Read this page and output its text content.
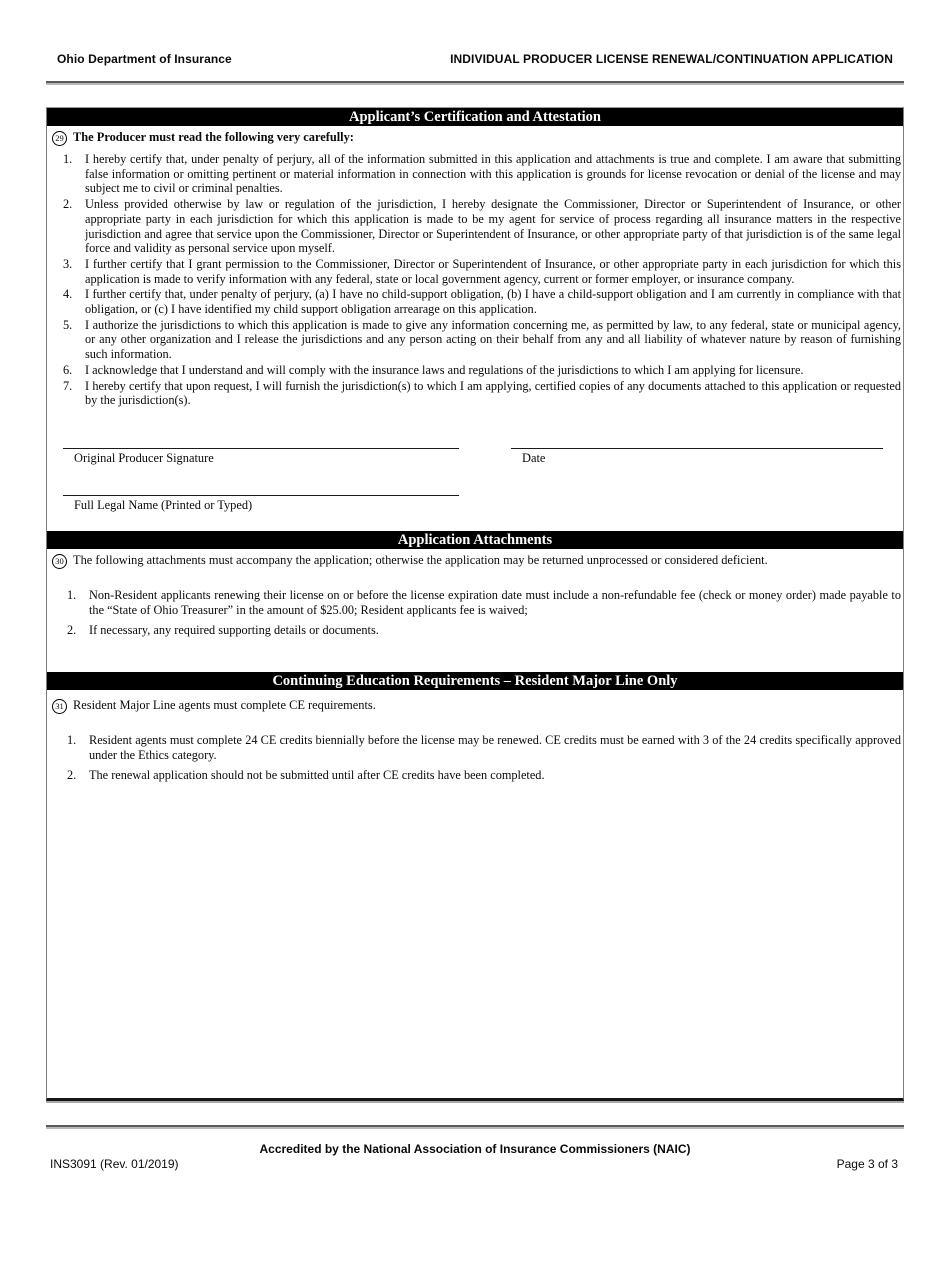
Ohio Department of Insurance	INDIVIDUAL PRODUCER LICENSE RENEWAL/CONTINUATION APPLICATION
Applicant’s Certification and Attestation
29 The Producer must read the following very carefully:
1. I hereby certify that, under penalty of perjury, all of the information submitted in this application and attachments is true and complete. I am aware that submitting false information or omitting pertinent or material information in connection with this application is grounds for license revocation or denial of the license and may subject me to civil or criminal penalties.
2. Unless provided otherwise by law or regulation of the jurisdiction, I hereby designate the Commissioner, Director or Superintendent of Insurance, or other appropriate party in each jurisdiction for which this application is made to be my agent for service of process regarding all insurance matters in the respective jurisdiction and agree that service upon the Commissioner, Director or Superintendent of Insurance, or other appropriate party of that jurisdiction is of the same legal force and validity as personal service upon myself.
3. I further certify that I grant permission to the Commissioner, Director or Superintendent of Insurance, or other appropriate party in each jurisdiction for which this application is made to verify information with any federal, state or local government agency, current or former employer, or insurance company.
4. I further certify that, under penalty of perjury, (a) I have no child-support obligation, (b) I have a child-support obligation and I am currently in compliance with that obligation, or (c) I have identified my child support obligation arrearage on this application.
5. I authorize the jurisdictions to which this application is made to give any information concerning me, as permitted by law, to any federal, state or municipal agency, or any other organization and I release the jurisdictions and any person acting on their behalf from any and all liability of whatever nature by reason of furnishing such information.
6. I acknowledge that I understand and will comply with the insurance laws and regulations of the jurisdictions to which I am applying for licensure.
7. I hereby certify that upon request, I will furnish the jurisdiction(s) to which I am applying, certified copies of any documents attached to this application or requested by the jurisdiction(s).
Original Producer Signature	Date
Full Legal Name (Printed or Typed)
Application Attachments
30 The following attachments must accompany the application; otherwise the application may be returned unprocessed or considered deficient.
1. Non-Resident applicants renewing their license on or before the license expiration date must include a non-refundable fee (check or money order) made payable to the “State of Ohio Treasurer” in the amount of $25.00; Resident applicants fee is waived;
2. If necessary, any required supporting details or documents.
Continuing Education Requirements – Resident Major Line Only
31 Resident Major Line agents must complete CE requirements.
1. Resident agents must complete 24 CE credits biennially before the license may be renewed. CE credits must be earned with 3 of the 24 credits specifically approved under the Ethics category.
2. The renewal application should not be submitted until after CE credits have been completed.
Accredited by the National Association of Insurance Commissioners (NAIC)
INS3091 (Rev. 01/2019)	Page 3 of 3
